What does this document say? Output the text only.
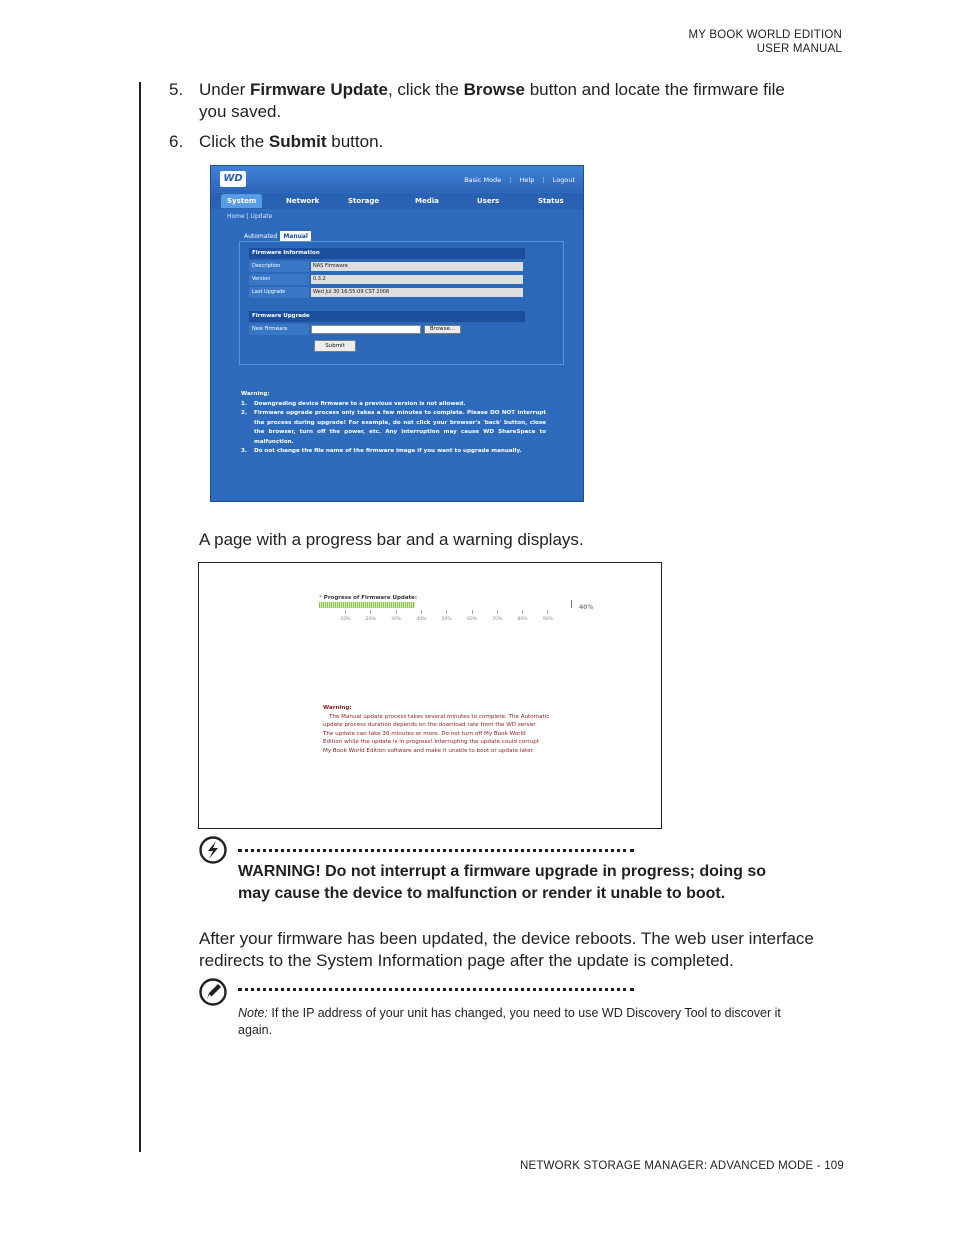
MY BOOK WORLD EDITION
USER MANUAL
5. Under Firmware Update, click the Browse button and locate the firmware file
you saved.
6. Click the Submit button.
WD	Basic Mode | Help | Logout
System	Network	Storage	Media	Users	Status
Home | Update
Automated Manual
Firmware Information
Description	NAS Firmware
Version	0.3.2
Last Upgrade	Wed Jul 30 16:55:09 CST 2008
Firmware Upgrade
New Firmware	Browse...
Submit
Warning:
1. Downgrading device firmware to a previous version is not allowed.
2. Firmware upgrade process only takes a few minutes to complete. Please DO NOT interrupt the process during upgrade! For example, do not click your browser's 'back' button, close the browser, turn off the power, etc. Any interruption may cause WD ShareSpace to malfunction.
3. Do not change the file name of the firmware image if you want to upgrade manually.
A page with a progress bar and a warning displays.
* Progress of Firmware Update:
40%
10%	20%	30%	40%	50%	60%	70%	80%	90%
Warning:
The Manual update process takes several minutes to complete. The Automatic
update process duration depends on the download rate from the WD server.
The update can take 30 minutes or more. Do not turn off My Book World
Edition while the update is in progress! Interrupting the update could corrupt
My Book World Edition software and make it unable to boot or update later.
WARNING! Do not interrupt a firmware upgrade in progress; doing so
may cause the device to malfunction or render it unable to boot.
After your firmware has been updated, the device reboots. The web user interface
redirects to the System Information page after the update is completed.
Note: If the IP address of your unit has changed, you need to use WD Discovery Tool to discover it
again.
NETWORK STORAGE MANAGER: ADVANCED MODE - 109
